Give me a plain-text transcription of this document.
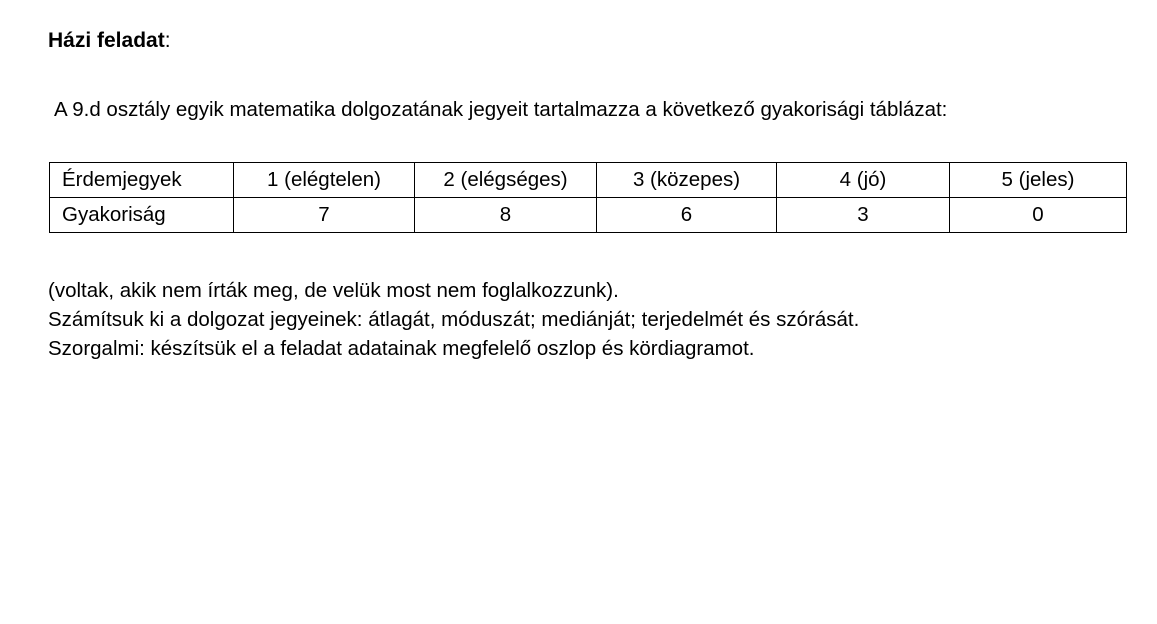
Házi feladat:
A 9.d osztály egyik matematika dolgozatának jegyeit tartalmazza a következő gyakorisági táblázat:
Érdemjegyek	1 (elégtelen)	2 (elégséges)	3 (közepes)	4 (jó)	5 (jeles)
Gyakoriság	7	8	6	3	0
(voltak, akik nem írták meg, de velük most nem foglalkozzunk).
Számítsuk ki a dolgozat jegyeinek: átlagát, móduszát; mediánját; terjedelmét és szórását.
Szorgalmi: készítsük el a feladat adatainak megfelelő oszlop és kördiagramot.
